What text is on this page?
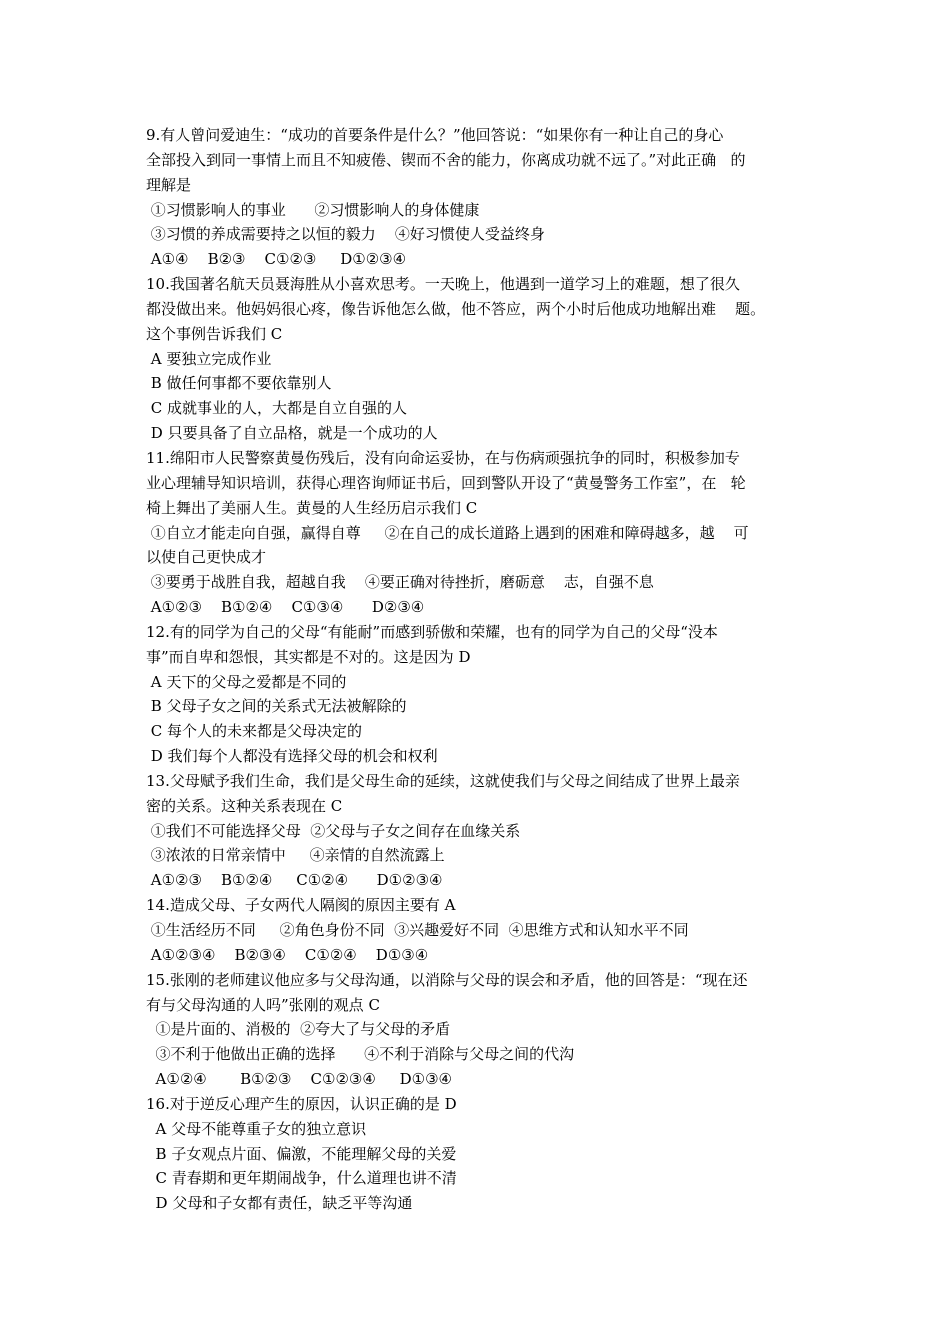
9.有人曾问爱迪生：“成功的首要条件是什么？”他回答说：“如果你有一种让自己的身心
全部投入到同一事情上而且不知疲倦、锲而不舍的能力，你离成功就不远了。”对此正确   的
理解是
①习惯影响人的事业      ②习惯影响人的身体健康
③习惯的养成需要持之以恒的毅力    ④好习惯使人受益终身
A①④    B②③    C①②③     D①②③④
10.我国著名航天员聂海胜从小喜欢思考。一天晚上，他遇到一道学习上的难题，想了很久
都没做出来。他妈妈很心疼，像告诉他怎么做，他不答应，两个小时后他成功地解出难    题。
这个事例告诉我们 C
A 要独立完成作业
B 做任何事都不要依靠别人
C 成就事业的人，大都是自立自强的人
D 只要具备了自立品格，就是一个成功的人
11.绵阳市人民警察黄曼伤残后，没有向命运妥协，在与伤病顽强抗争的同时，积极参加专
业心理辅导知识培训，获得心理咨询师证书后，回到警队开设了“黄曼警务工作室”，在   轮
椅上舞出了美丽人生。黄曼的人生经历启示我们 C
①自立才能走向自强，赢得自尊     ②在自己的成长道路上遇到的困难和障碍越多，越    可
以使自己更快成才
③要勇于战胜自我，超越自我    ④要正确对待挫折，磨砺意    志，自强不息
A①②③    B①②④    C①③④      D②③④
12.有的同学为自己的父母“有能耐”而感到骄傲和荣耀，也有的同学为自己的父母“没本
事”而自卑和怨恨，其实都是不对的。这是因为 D
A 天下的父母之爱都是不同的
B 父母子女之间的关系式无法被解除的
C 每个人的未来都是父母决定的
D 我们每个人都没有选择父母的机会和权利
13.父母赋予我们生命，我们是父母生命的延续，这就使我们与父母之间结成了世界上最亲
密的关系。这种关系表现在 C
①我们不可能选择父母  ②父母与子女之间存在血缘关系
③浓浓的日常亲情中     ④亲情的自然流露上
A①②③    B①②④     C①②④      D①②③④
14.造成父母、子女两代人隔阂的原因主要有 A
①生活经历不同     ②角色身份不同  ③兴趣爱好不同  ④思维方式和认知水平不同
A①②③④    B②③④    C①②④    D①③④
15.张刚的老师建议他应多与父母沟通，以消除与父母的误会和矛盾，他的回答是：“现在还
有与父母沟通的人吗”张刚的观点 C
①是片面的、消极的  ②夸大了与父母的矛盾
③不利于他做出正确的选择      ④不利于消除与父母之间的代沟
A①②④       B①②③    C①②③④     D①③④
16.对于逆反心理产生的原因，认识正确的是 D
A 父母不能尊重子女的独立意识
B 子女观点片面、偏激，不能理解父母的关爱
C 青春期和更年期闹战争，什么道理也讲不清
D 父母和子女都有责任，缺乏平等沟通
